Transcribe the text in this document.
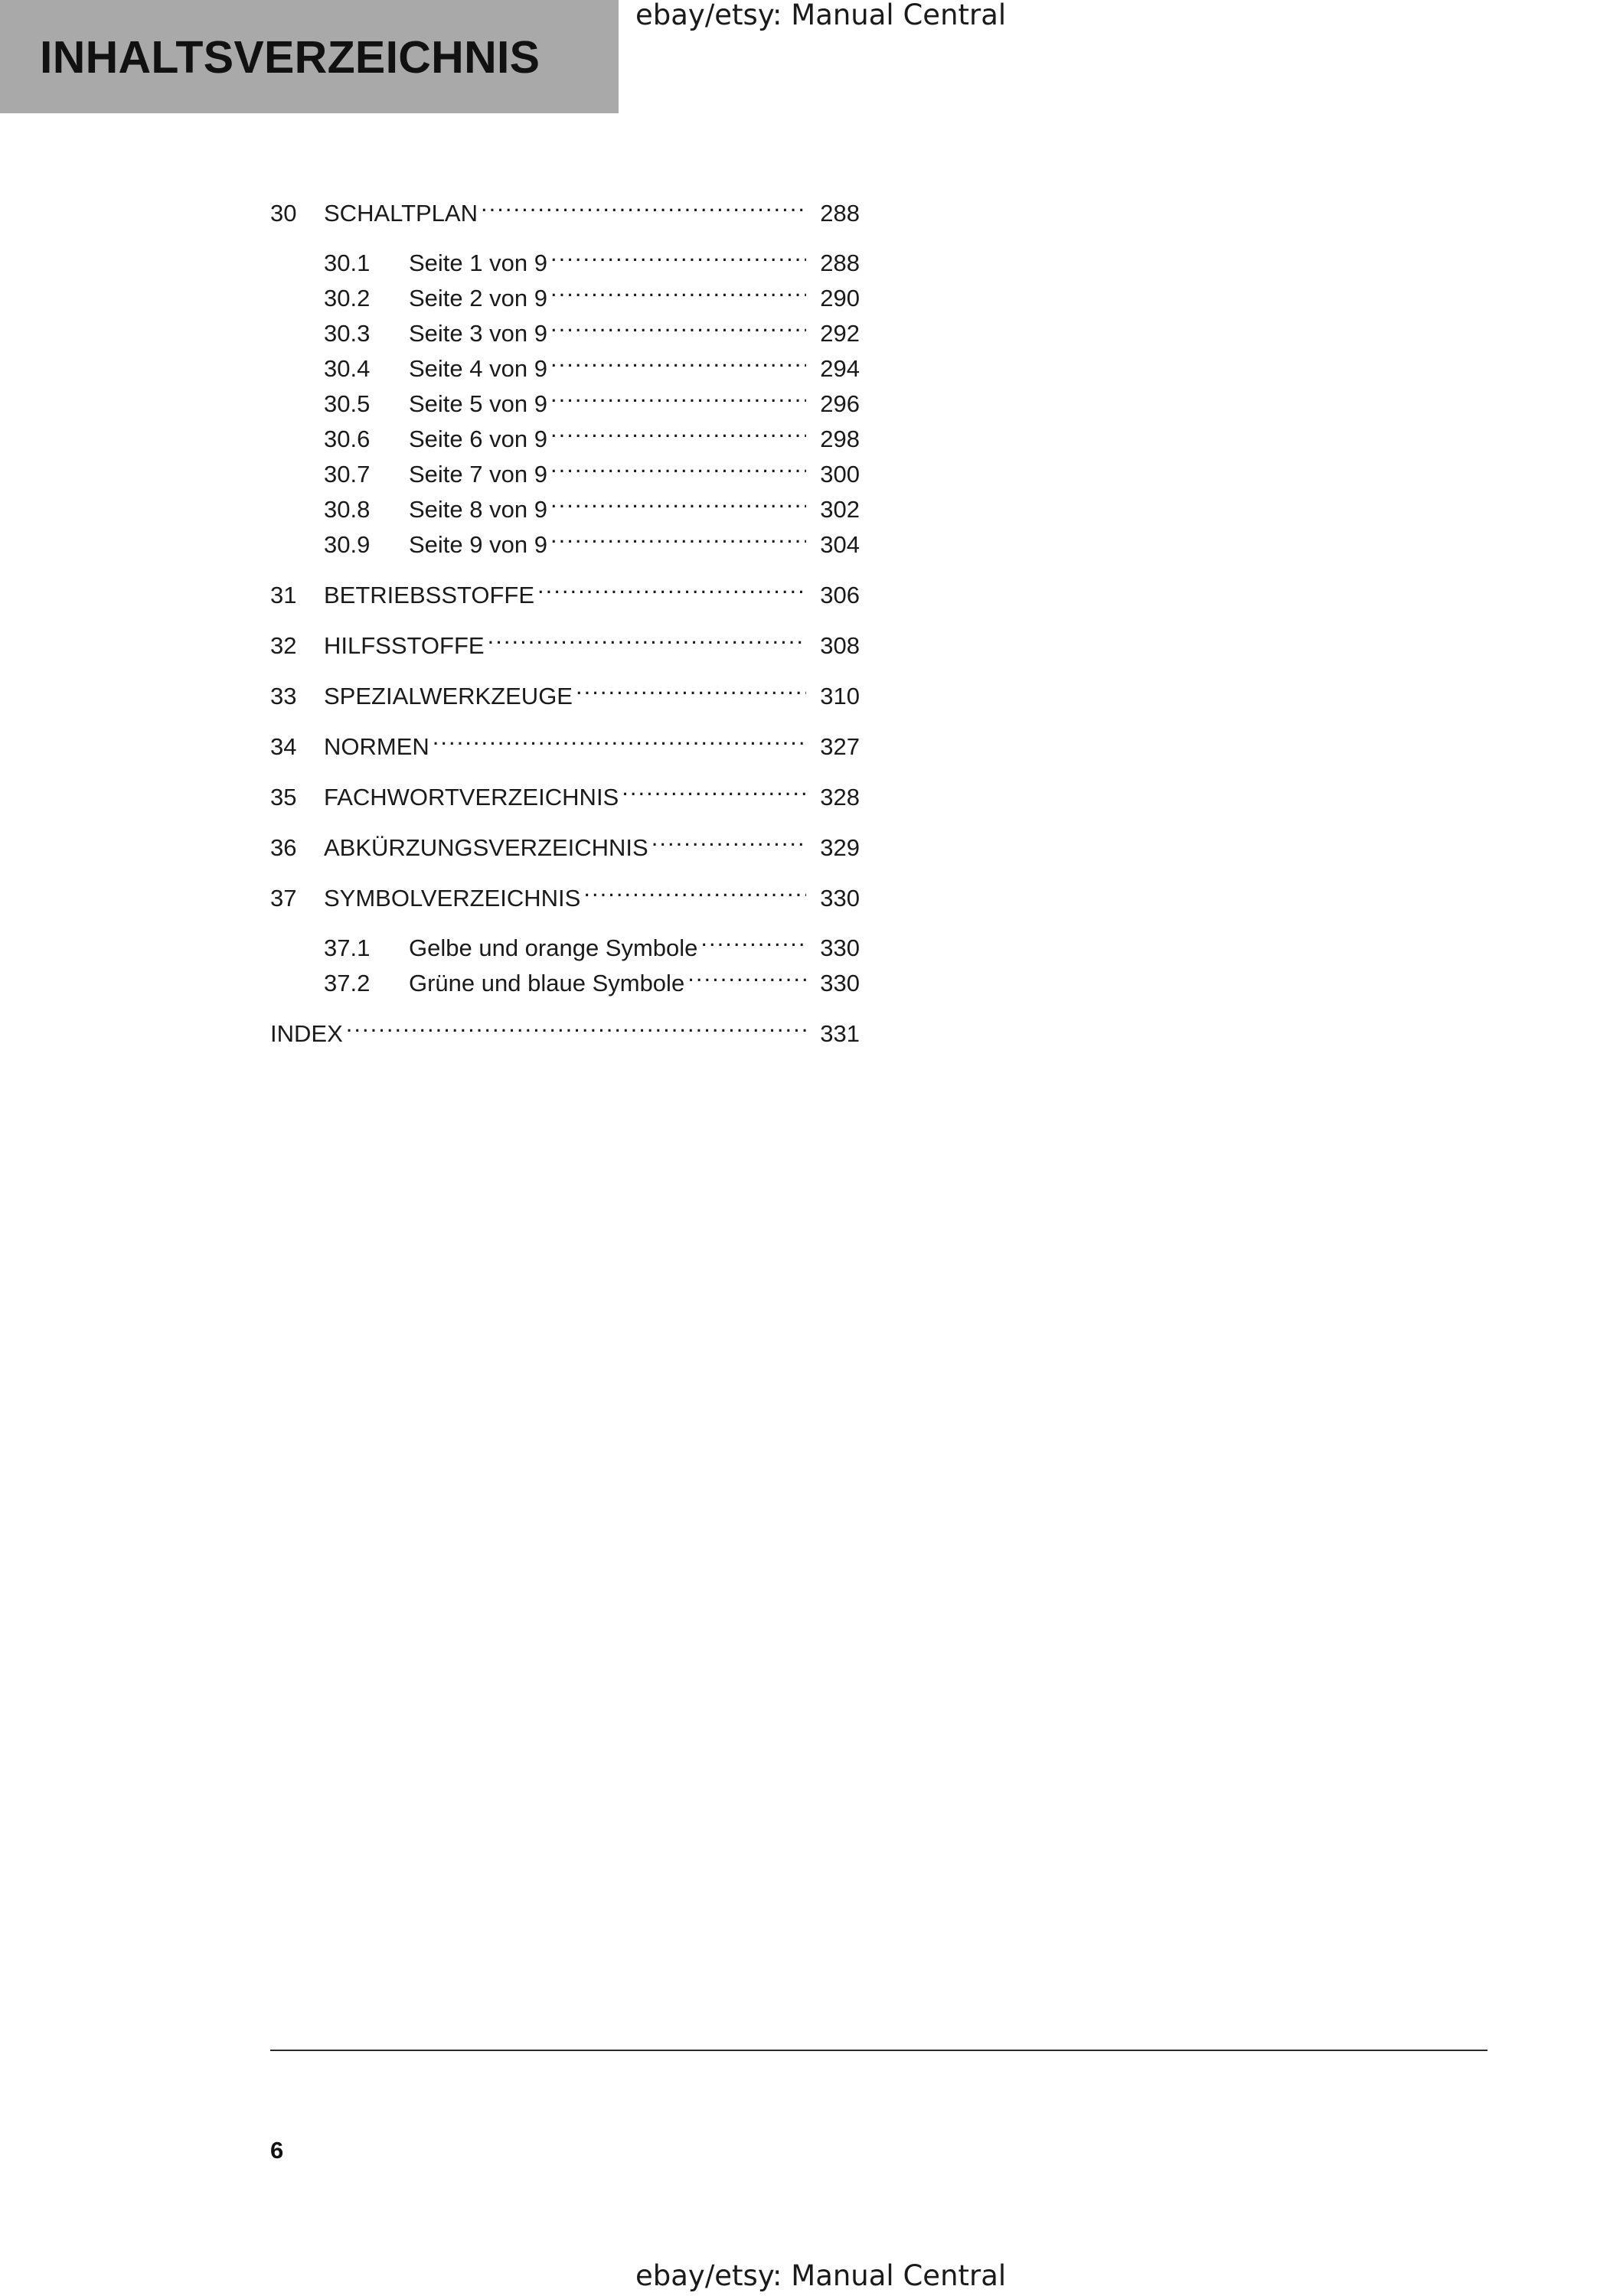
INHALTSVERZEICHNIS
ebay/etsy: Manual Central
30	SCHALTPLAN . . .	288
30.1	Seite 1 von 9 . . .	288
30.2	Seite 2 von 9 . . .	290
30.3	Seite 3 von 9 . . .	292
30.4	Seite 4 von 9 . . .	294
30.5	Seite 5 von 9 . . .	296
30.6	Seite 6 von 9 . . .	298
30.7	Seite 7 von 9 . . .	300
30.8	Seite 8 von 9 . . .	302
30.9	Seite 9 von 9 . . .	304
31	BETRIEBSSTOFFE . . .	306
32	HILFSSTOFFE . . .	308
33	SPEZIALWERKZEUGE . . .	310
34	NORMEN . . .	327
35	FACHWORTVERZEICHNIS . . .	328
36	ABKÜRZUNGSVERZEICHNIS . . .	329
37	SYMBOLVERZEICHNIS . . .	330
37.1	Gelbe und orange Symbole . . .	330
37.2	Grüne und blaue Symbole . . .	330
INDEX . . .	331
6
ebay/etsy: Manual Central
